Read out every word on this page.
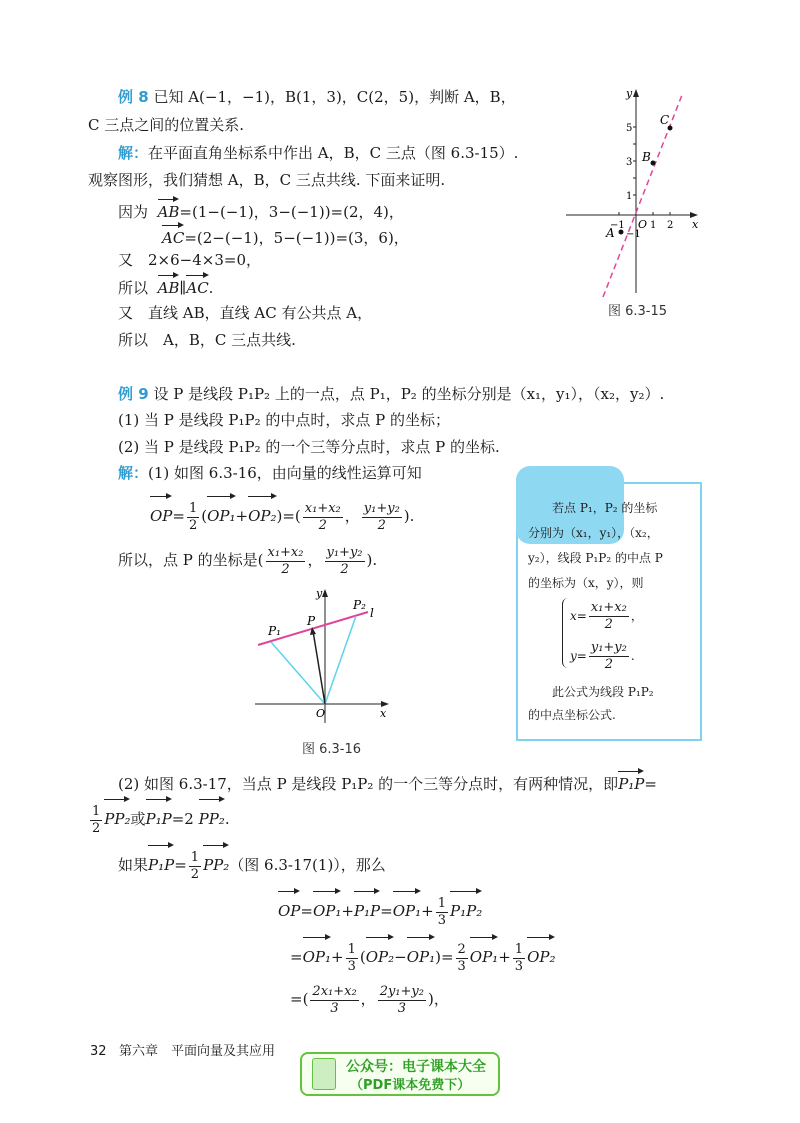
例 8 已知 A(−1，−1)，B(1，3)，C(2，5)，判断 A，B，
C 三点之间的位置关系.
解：在平面直角坐标系中作出 A，B，C 三点（图 6.3-15）.
观察图形，我们猜想 A，B，C 三点共线. 下面来证明.
因为 AB=(1−(−1)，3−(−1))=(2，4)，
AC=(2−(−1)，5−(−1))=(3，6)，
又　2×6−4×3=0，
所以 AB∥AC.
又　直线 AB，直线 AC 有公共点 A，
所以　A，B，C 三点共线.
A
B
C
x
y
O
−1	1 2
1
3
5
−1
图 6.3-15
例 9 设 P 是线段 P₁P₂ 上的一点，点 P₁，P₂ 的坐标分别是（x₁，y₁），（x₂，y₂）.
(1) 当 P 是线段 P₁P₂ 的中点时，求点 P 的坐标；
(2) 当 P 是线段 P₁P₂ 的一个三等分点时，求点 P 的坐标.
解：(1) 如图 6.3-16，由向量的线性运算可知
$OP= \frac{1}{2} (OP_1+OP_2)=( \frac{\text{x₁+x₂}}{2}$ ， $\frac{\text{y₁+y₂}}{2}$ ).
所以，点 P 的坐标是( $\frac{\text{x₁+x₂}}{2}$ ， $\frac{\text{y₁+y₂}}{2}$ ).
若点 P₁，P₂ 的坐标
分别为（x₁，y₁），（x₂，
y₂），线段 P₁P₂ 的中点 P
的坐标为（x，y），则
$x= \frac{\text{x₁+x₂}}{2}$ ，
$y= \frac{\text{y₁+y₂}}{2}$ .
此公式为线段 P₁P₂
的中点坐标公式.
P₁
P
P₂
l
O	x
y
图 6.3-16
(2) 如图 6.3-17，当点 P 是线段 P₁P₂ 的一个三等分点时，有两种情况，即P₁P=
$\frac{1}{2} PP_2$或P₁P=2 PP₂.
如果$P_1P= \frac{1}{2} PP_2$（图 6.3-17(1)），那么
$OP=OP_1+P_1P=OP_1+ \frac{1}{3} P_1P_2$
$=OP_1+ \frac{1}{3} (OP_2-OP_1)= \frac{2}{3} OP_1+ \frac{1}{3} OP_2$
=( $\frac{\text{2x₁+x₂}}{3}$ ， $\frac{\text{2y₁+y₂}}{3}$ )，
32 第六章　平面向量及其应用
公众号：电子课本大全
（PDF课本免费下）
